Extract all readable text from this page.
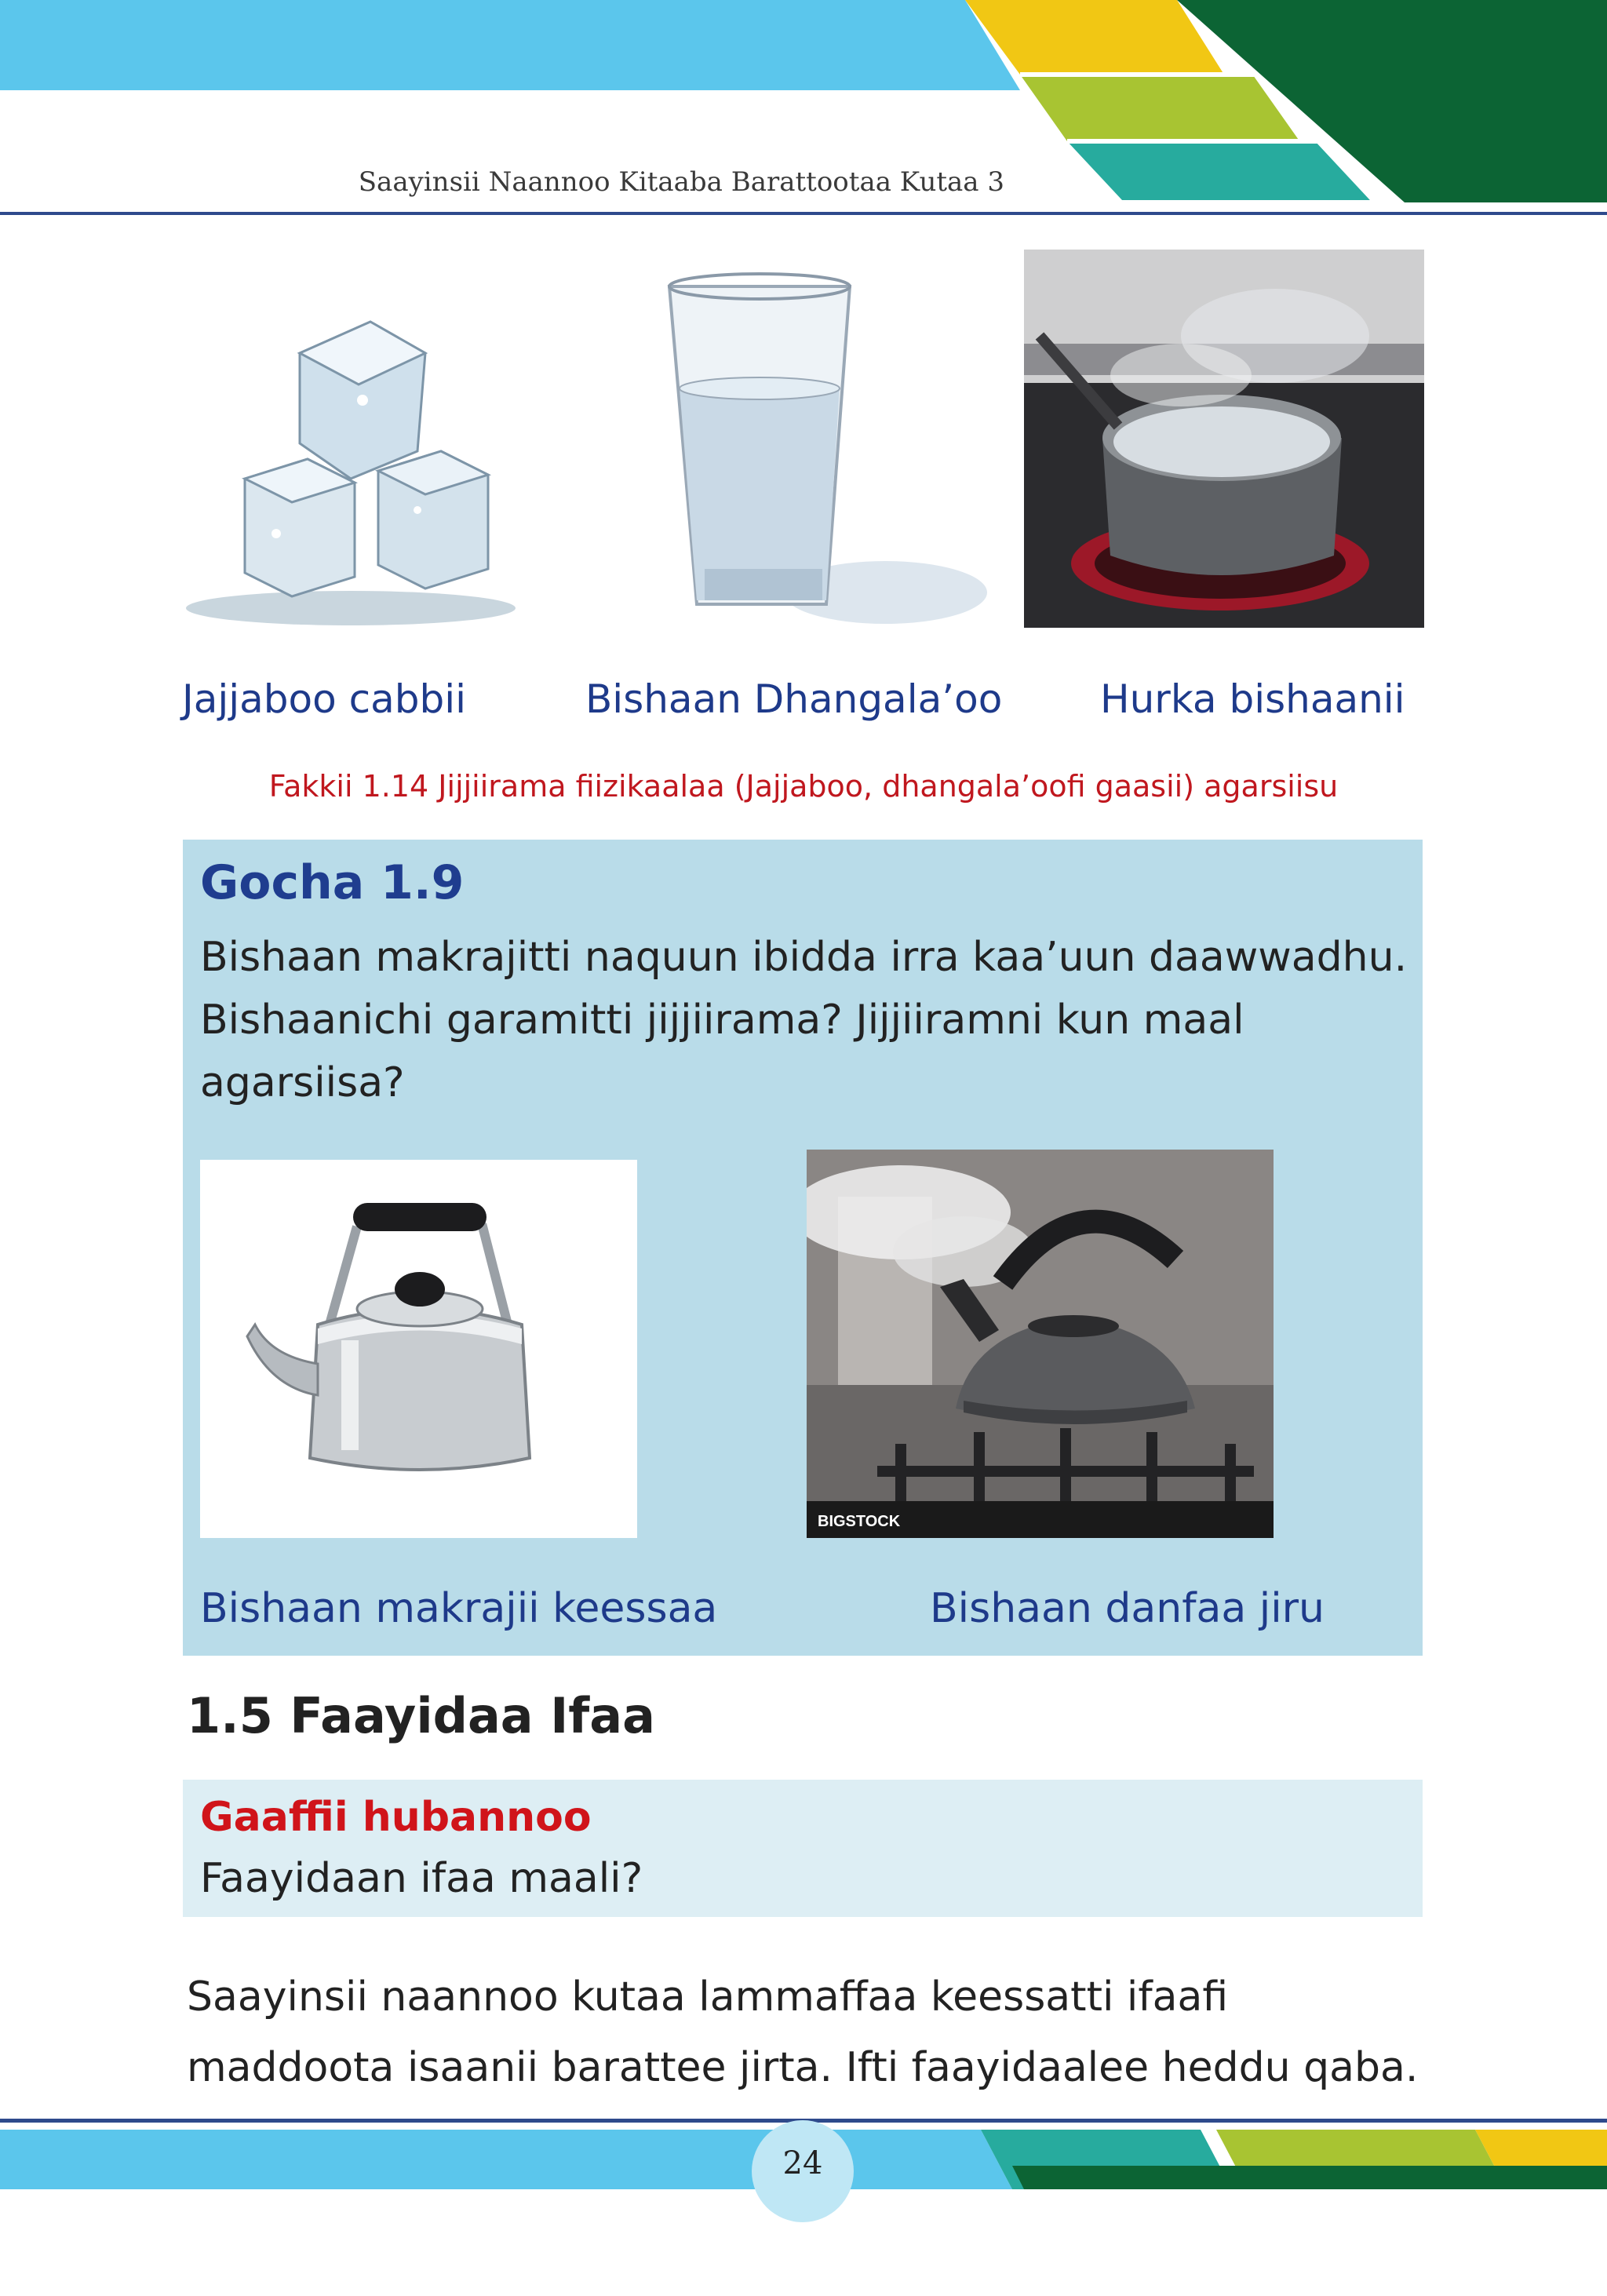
Saayinsii Naannoo Kitaaba Barattootaa Kutaa 3
Jajjaboo cabbii	Bishaan Dhangala’oo Hurka bishaanii
Fakkii 1.14 Jijjiirama fiizikaalaa (Jajjaboo, dhangala’oofi gaasii) agarsiisu
Gocha 1.9
Bishaan makrajitti naquun ibidda irra kaa’uun daawwadhu. Bishaanichi garamitti jijjiirama? Jijjiiramni kun maal agarsiisa?
BIGSTOCK
Bishaan makrajii keessaa	Bishaan danfaa jiru
1.5 Faayidaa Ifaa
Gaaffii hubannoo
Faayidaan ifaa maali?
Saayinsii naannoo kutaa lammaffaa keessatti ifaafi maddoota isaanii barattee jirta. Ifti faayidaalee heddu qaba.
24
